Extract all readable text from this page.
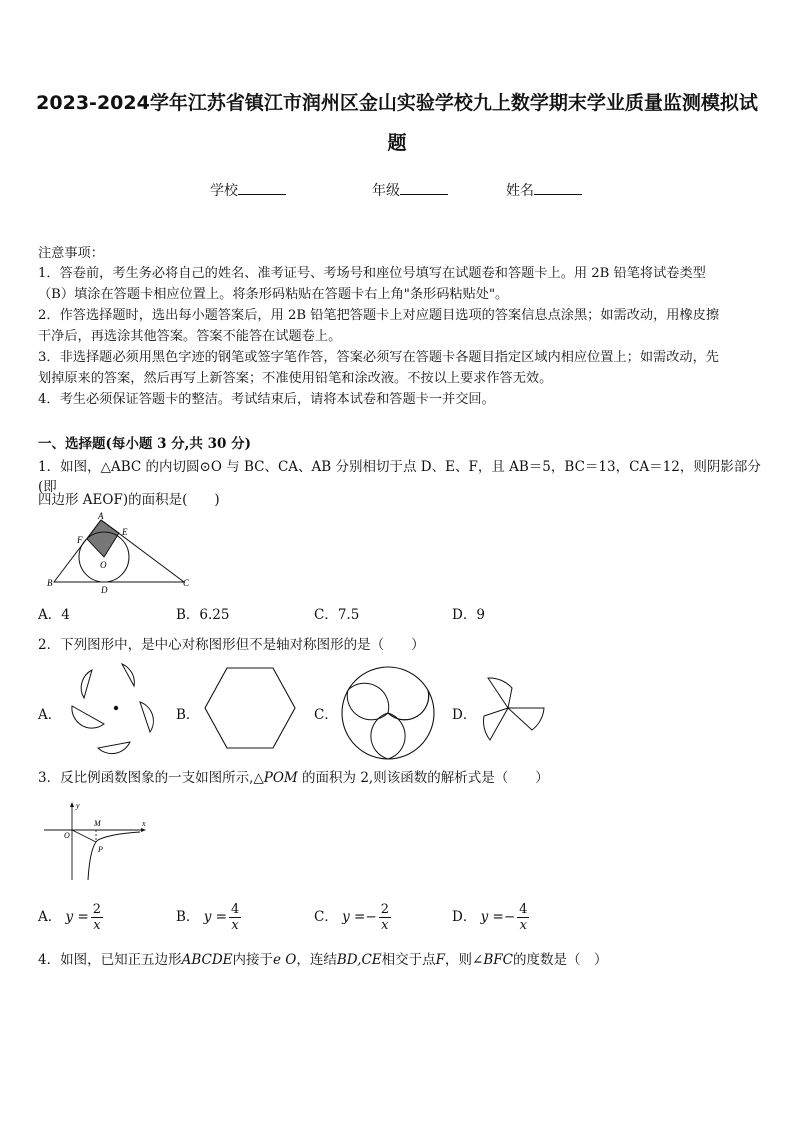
2023-2024学年江苏省镇江市润州区金山实验学校九上数学期末学业质量监测模拟试
题
学校	年级	姓名
注意事项：
1．答卷前，考生务必将自己的姓名、准考证号、考场号和座位号填写在试题卷和答题卡上。用 2B 铅笔将试卷类型
（B）填涂在答题卡相应位置上。将条形码粘贴在答题卡右上角"条形码粘贴处"。
2．作答选择题时，选出每小题答案后，用 2B 铅笔把答题卡上对应题目选项的答案信息点涂黑；如需改动，用橡皮擦
干净后，再选涂其他答案。答案不能答在试题卷上。
3．非选择题必须用黑色字迹的钢笔或签字笔作答，答案必须写在答题卡各题目指定区域内相应位置上；如需改动，先
划掉原来的答案，然后再写上新答案；不准使用铅笔和涂改液。不按以上要求作答无效。
4．考生必须保证答题卡的整洁。考试结束后，请将本试卷和答题卡一并交回。
一、选择题(每小题 3 分,共 30 分)
1．如图，△ABC 的内切圆⊙O 与 BC、CA、AB 分别相切于点 D、E、F，且 AB＝5，BC＝13，CA＝12，则阴影部分(即
四边形 AEOF)的面积是(　　)
A
E
F
O
B
D
C
A．4	B．6.25	C．7.5	D．9
2．下列图形中，是中心对称图形但不是轴对称图形的是（　　）
A．	B．	C．	D．
3．反比例函数图象的一支如图所示,△POM 的面积为 2,则该函数的解析式是（　　）
y
x
O
M
P
A． $y = \frac{2}{x}$	B． $y = \frac{4}{x}$	C． $y =- \frac{2}{x}$	D． $y =- \frac{4}{x}$
4．如图，已知正五边形ABCDE内接于e O，连结BD,CE相交于点F，则∠BFC的度数是（　）
